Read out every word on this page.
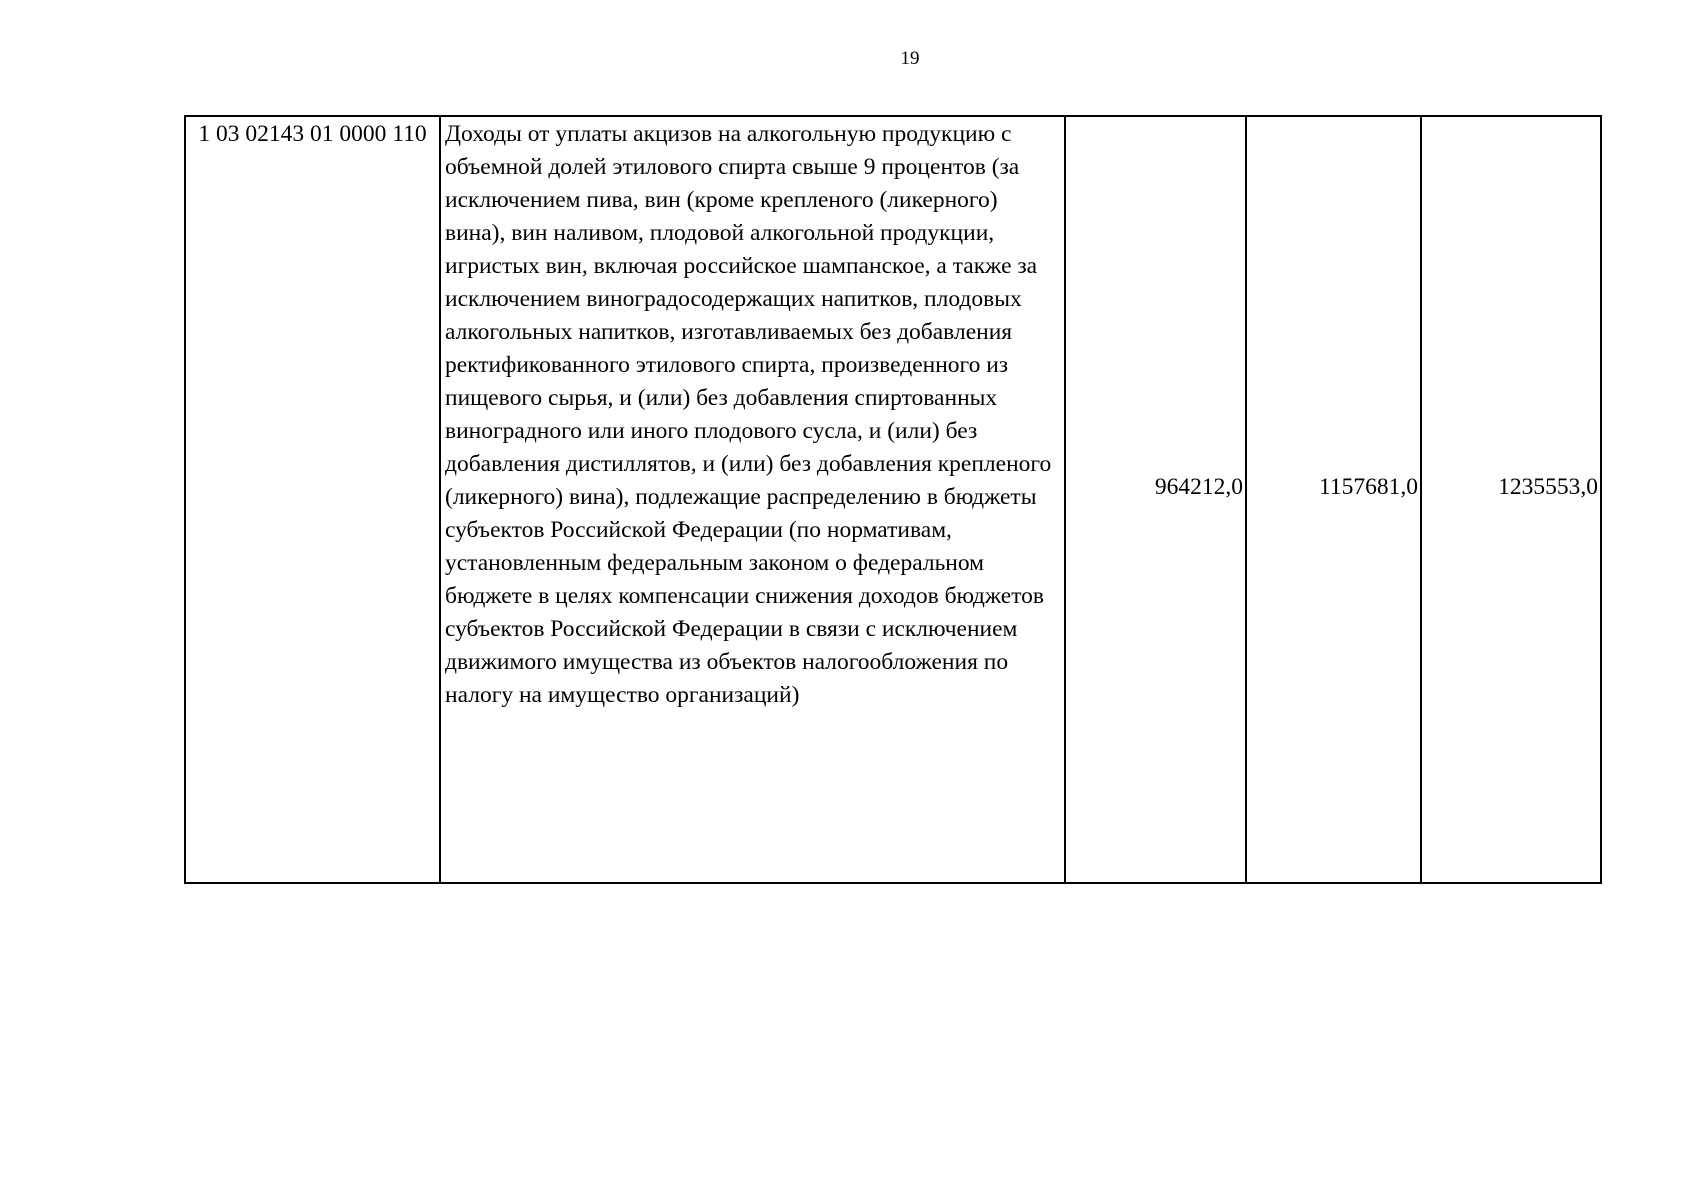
19
1 03 02143 01 0000 110	Доходы от уплаты акцизов на алкогольную продукцию с объемной долей этилового спирта свыше 9 процентов (за исключением пива, вин (кроме крепленого (ликерного) вина), вин наливом, плодовой алкогольной продукции, игристых вин, включая российское шампанское, а также за исключением виноградосодержащих напитков, плодовых алкогольных напитков, изготавливаемых без добавления ректификованного этилового спирта, произведенного из пищевого сырья, и (или) без добавления спиртованных виноградного или иного плодового сусла, и (или) без добавления дистиллятов, и (или) без добавления крепленого (ликерного) вина), подлежащие распределению в бюджеты субъектов Российской Федерации (по нормативам, установленным федеральным законом о федеральном бюджете в целях компенсации снижения доходов бюджетов субъектов Российской Федерации в связи с исключением движимого имущества из объектов налогообложения по налогу на имущество организаций)	964212,0	1157681,0	1235553,0
